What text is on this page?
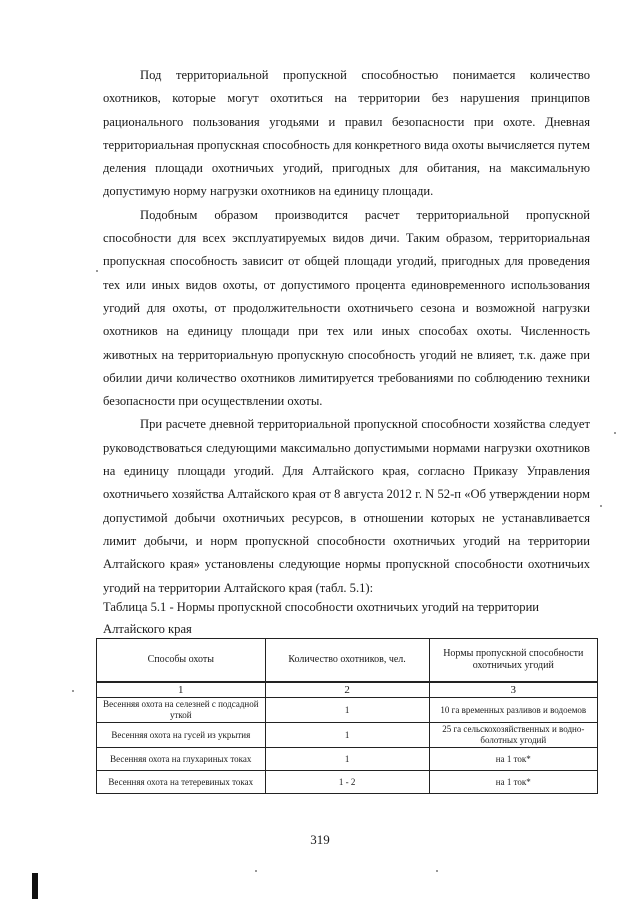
Под территориальной пропускной способностью понимается количество охотников, которые могут охотиться на территории без нарушения принципов рационального пользования угодьями и правил безопасности при охоте. Дневная территориальная пропускная способность для конкретного вида охоты вычисляется путем деления площади охотничьих угодий, пригодных для обитания, на максимальную допустимую норму нагрузки охотников на единицу площади.

Подобным образом производится расчет территориальной пропускной способности для всех эксплуатируемых видов дичи. Таким образом, территориальная пропускная способность зависит от общей площади угодий, пригодных для проведения тех или иных видов охоты, от допустимого процента единовременного использования угодий для охоты, от продолжительности охотничьего сезона и возможной нагрузки охотников на единицу площади при тех или иных способах охоты. Численность животных на территориальную пропускную способность угодий не влияет, т.к. даже при обилии дичи количество охотников лимитируется требованиями по соблюдению техники безопасности при осуществлении охоты.

При расчете дневной территориальной пропускной способности хозяйства следует руководствоваться следующими максимально допустимыми нормами нагрузки охотников на единицу площади угодий. Для Алтайского края, согласно Приказу Управления охотничьего хозяйства Алтайского края от 8 августа 2012 г. N 52-п «Об утверждении норм допустимой добычи охотничьих ресурсов, в отношении которых не устанавливается лимит добычи, и норм пропускной способности охотничьих угодий на территории Алтайского края» установлены следующие нормы пропускной способности охотничьих угодий на территории Алтайского края (табл. 5.1):

Таблица 5.1 - Нормы пропускной способности охотничьих угодий на территории Алтайского края

Способы охоты	Количество охотников, чел.	Нормы пропускной способности охотничьих угодий
1	2	3
Весенняя охота на селезней с подсадной уткой	1	10 га временных разливов и водоемов
Весенняя охота на гусей из укрытия	1	25 га сельскохозяйственных и водно-болотных угодий
Весенняя охота на глухариных токах	1	на 1 ток*
Весенняя охота на тетеревиных токах	1 - 2	на 1 ток*
319
